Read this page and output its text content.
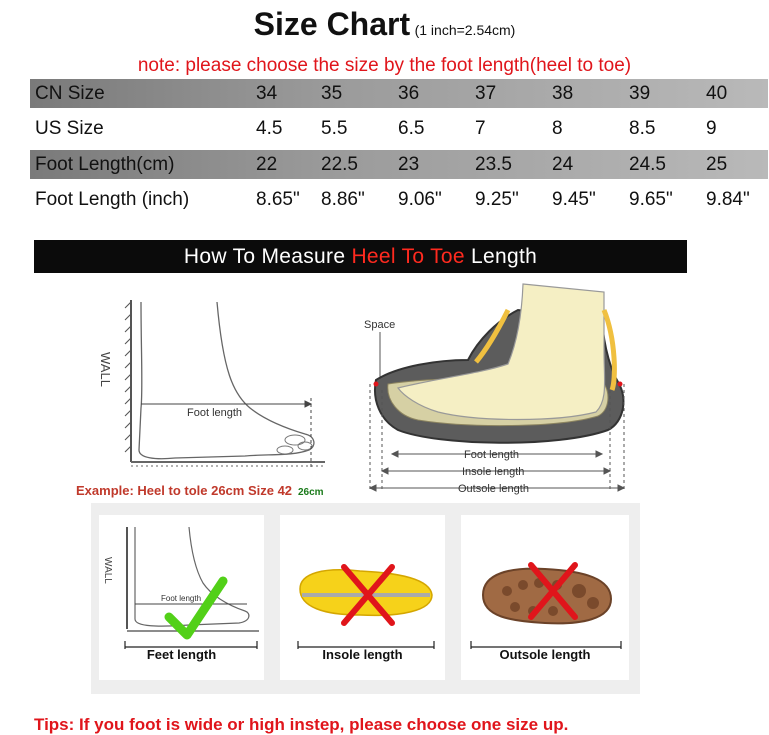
Size Chart (1 inch=2.54cm)
note: please choose the size by the foot length(heel to toe)
CN Size	34 35	36	37	38	39	40
US Size	4.5 5.5	6.5	7	8	8.5	9
Foot Length(cm)	22 22.5 23	23.5 24	24.5 25
Foot Length (inch)	8.65" 8.86" 9.06" 9.25" 9.45" 9.65" 9.84"
How To Measure Heel To Toe Length
WALL
Foot length
Example: Heel to tole 26cm Size 42 26cm
Space
Foot length
Insole length
Outsole length
WALL
Foot length
Feet length	Insole length	Outsole length
Tips: If you foot is wide or high instep, please choose one size up.
